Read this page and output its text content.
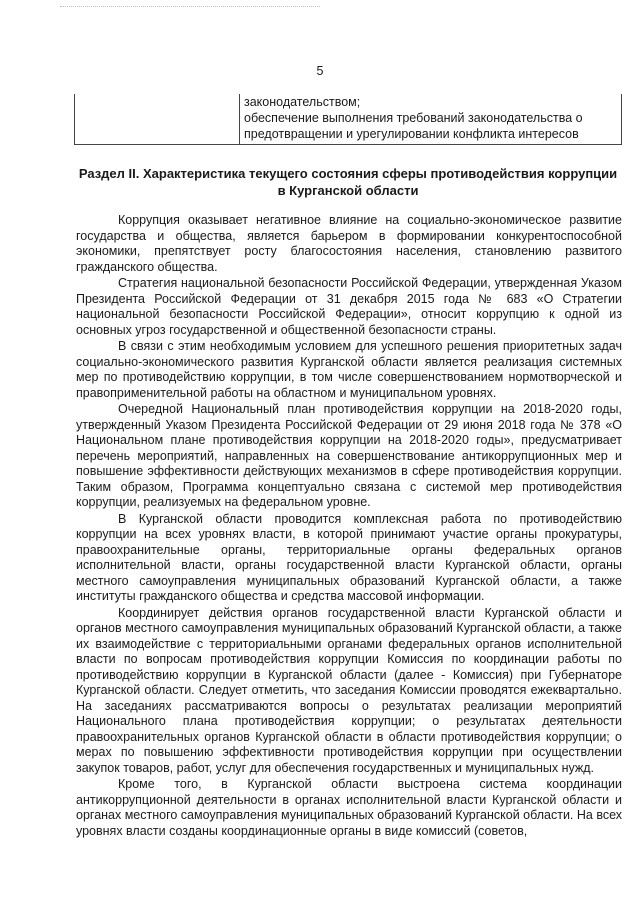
5

законодательством;
обеспечение выполнения требований законодательства о предотвращении и урегулировании конфликта интересов
Раздел II. Характеристика текущего состояния сферы противодействия коррупции в Курганской области

Коррупция оказывает негативное влияние на социально-экономическое развитие государства и общества, является барьером в формировании конкурентоспособной экономики, препятствует росту благосостояния населения, становлению развитого гражданского общества.

Стратегия национальной безопасности Российской Федерации, утвержденная Указом Президента Российской Федерации от 31 декабря 2015 года № 683 «О Стратегии национальной безопасности Российской Федерации», относит коррупцию к одной из основных угроз государственной и общественной безопасности страны.

В связи с этим необходимым условием для успешного решения приоритетных задач социально-экономического развития Курганской области является реализация системных мер по противодействию коррупции, в том числе совершенствованием нормотворческой и правоприменительной работы на областном и муниципальном уровнях.

Очередной Национальный план противодействия коррупции на 2018-2020 годы, утвержденный Указом Президента Российской Федерации от 29 июня 2018 года № 378 «О Национальном плане противодействия коррупции на 2018-2020 годы», предусматривает перечень мероприятий, направленных на совершенствование антикоррупционных мер и повышение эффективности действующих механизмов в сфере противодействия коррупции. Таким образом, Программа концептуально связана с системой мер противодействия коррупции, реализуемых на федеральном уровне.

В Курганской области проводится комплексная работа по противодействию коррупции на всех уровнях власти, в которой принимают участие органы прокуратуры, правоохранительные органы, территориальные органы федеральных органов исполнительной власти, органы государственной власти Курганской области, органы местного самоуправления муниципальных образований Курганской области, а также институты гражданского общества и средства массовой информации.

Координирует действия органов государственной власти Курганской области и органов местного самоуправления муниципальных образований Курганской области, а также их взаимодействие с территориальными органами федеральных органов исполнительной власти по вопросам противодействия коррупции Комиссия по координации работы по противодействию коррупции в Курганской области (далее - Комиссия) при Губернаторе Курганской области. Следует отметить, что заседания Комиссии проводятся ежеквартально. На заседаниях рассматриваются вопросы о результатах реализации мероприятий Национального плана противодействия коррупции; о результатах деятельности правоохранительных органов Курганской области в области противодействия коррупции; о мерах по повышению эффективности противодействия коррупции при осуществлении закупок товаров, работ, услуг для обеспечения государственных и муниципальных нужд.

Кроме того, в Курганской области выстроена система координации антикоррупционной деятельности в органах исполнительной власти Курганской области и органах местного самоуправления муниципальных образований Курганской области. На всех уровнях власти созданы координационные органы в виде комиссий (советов,
